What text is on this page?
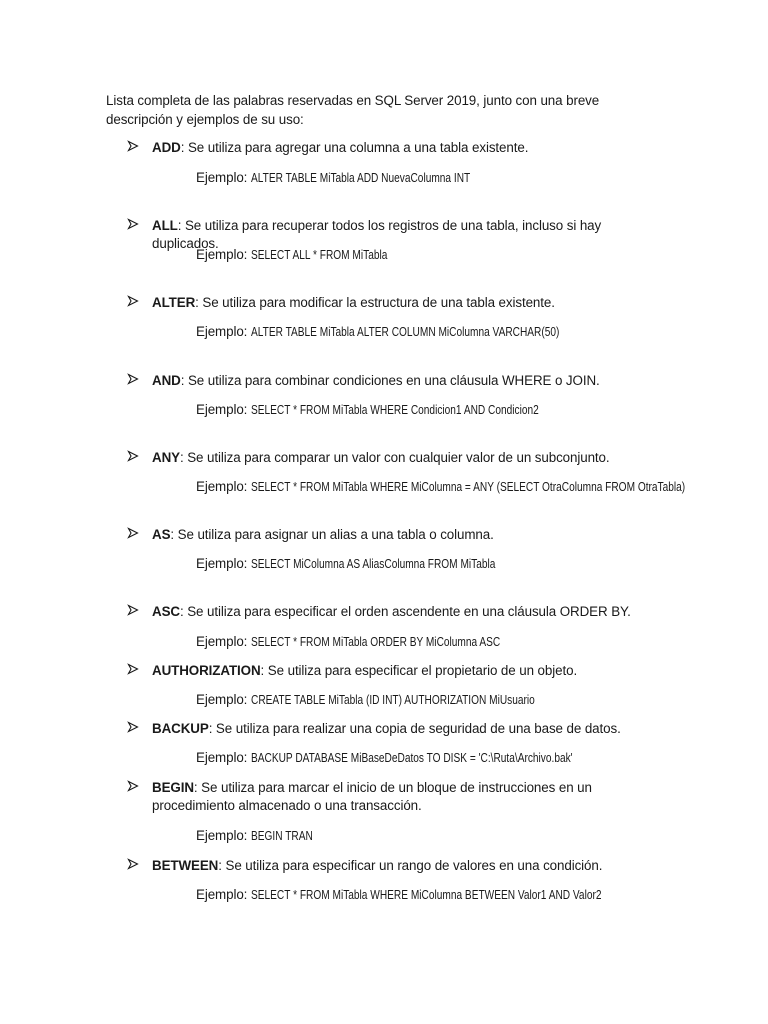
Lista completa de las palabras reservadas en SQL Server 2019, junto con una breve descripción y ejemplos de su uso:
ADD: Se utiliza para agregar una columna a una tabla existente.
Ejemplo: ALTER TABLE MiTabla ADD NuevaColumna INT
ALL: Se utiliza para recuperar todos los registros de una tabla, incluso si hay duplicados.
Ejemplo: SELECT ALL * FROM MiTabla
ALTER: Se utiliza para modificar la estructura de una tabla existente.
Ejemplo: ALTER TABLE MiTabla ALTER COLUMN MiColumna VARCHAR(50)
AND: Se utiliza para combinar condiciones en una cláusula WHERE o JOIN.
Ejemplo: SELECT * FROM MiTabla WHERE Condicion1 AND Condicion2
ANY: Se utiliza para comparar un valor con cualquier valor de un subconjunto.
Ejemplo: SELECT * FROM MiTabla WHERE MiColumna = ANY (SELECT OtraColumna FROM OtraTabla)
AS: Se utiliza para asignar un alias a una tabla o columna.
Ejemplo: SELECT MiColumna AS AliasColumna FROM MiTabla
ASC: Se utiliza para especificar el orden ascendente en una cláusula ORDER BY.
Ejemplo: SELECT * FROM MiTabla ORDER BY MiColumna ASC
AUTHORIZATION: Se utiliza para especificar el propietario de un objeto.
Ejemplo: CREATE TABLE MiTabla (ID INT) AUTHORIZATION MiUsuario
BACKUP: Se utiliza para realizar una copia de seguridad de una base de datos.
Ejemplo: BACKUP DATABASE MiBaseDeDatos TO DISK = 'C:\Ruta\Archivo.bak'
BEGIN: Se utiliza para marcar el inicio de un bloque de instrucciones en un procedimiento almacenado o una transacción.
Ejemplo: BEGIN TRAN
BETWEEN: Se utiliza para especificar un rango de valores en una condición.
Ejemplo: SELECT * FROM MiTabla WHERE MiColumna BETWEEN Valor1 AND Valor2
